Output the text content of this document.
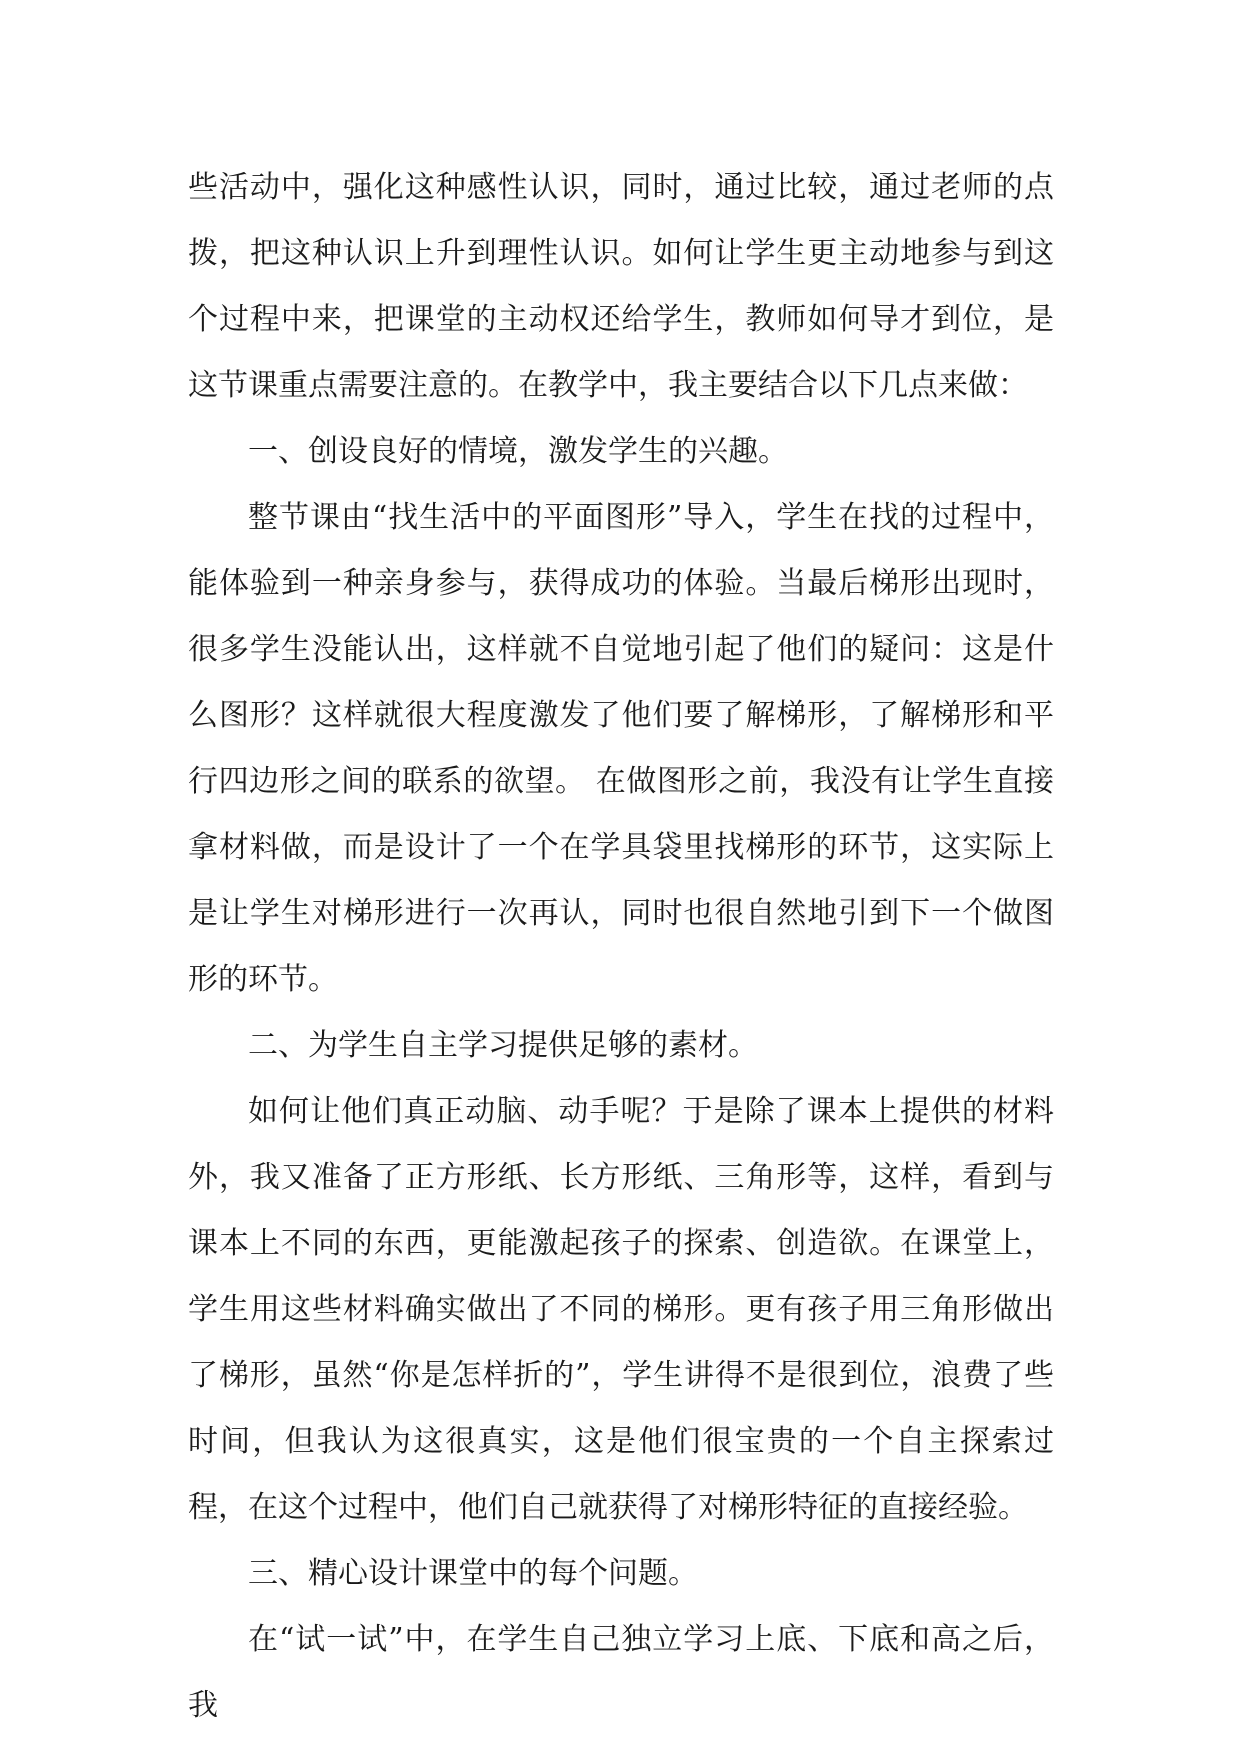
些活动中，强化这种感性认识，同时，通过比较，通过老师的点拨，把这种认识上升到理性认识。如何让学生更主动地参与到这个过程中来，把课堂的主动权还给学生，教师如何导才到位，是这节课重点需要注意的。在教学中，我主要结合以下几点来做：

一、创设良好的情境，激发学生的兴趣。

整节课由“找生活中的平面图形”导入，学生在找的过程中，能体验到一种亲身参与，获得成功的体验。当最后梯形出现时，很多学生没能认出，这样就不自觉地引起了他们的疑问：这是什么图形？这样就很大程度激发了他们要了解梯形，了解梯形和平行四边形之间的联系的欲望。 在做图形之前，我没有让学生直接拿材料做，而是设计了一个在学具袋里找梯形的环节，这实际上是让学生对梯形进行一次再认，同时也很自然地引到下一个做图形的环节。

二、为学生自主学习提供足够的素材。

如何让他们真正动脑、动手呢？于是除了课本上提供的材料外，我又准备了正方形纸、长方形纸、三角形等，这样，看到与课本上不同的东西，更能激起孩子的探索、创造欲。在课堂上，学生用这些材料确实做出了不同的梯形。更有孩子用三角形做出了梯形，虽然“你是怎样折的”，学生讲得不是很到位，浪费了些时间，但我认为这很真实，这是他们很宝贵的一个自主探索过程，在这个过程中，他们自己就获得了对梯形特征的直接经验。

三、精心设计课堂中的每个问题。

在“试一试”中，在学生自己独立学习上底、下底和高之后，我
